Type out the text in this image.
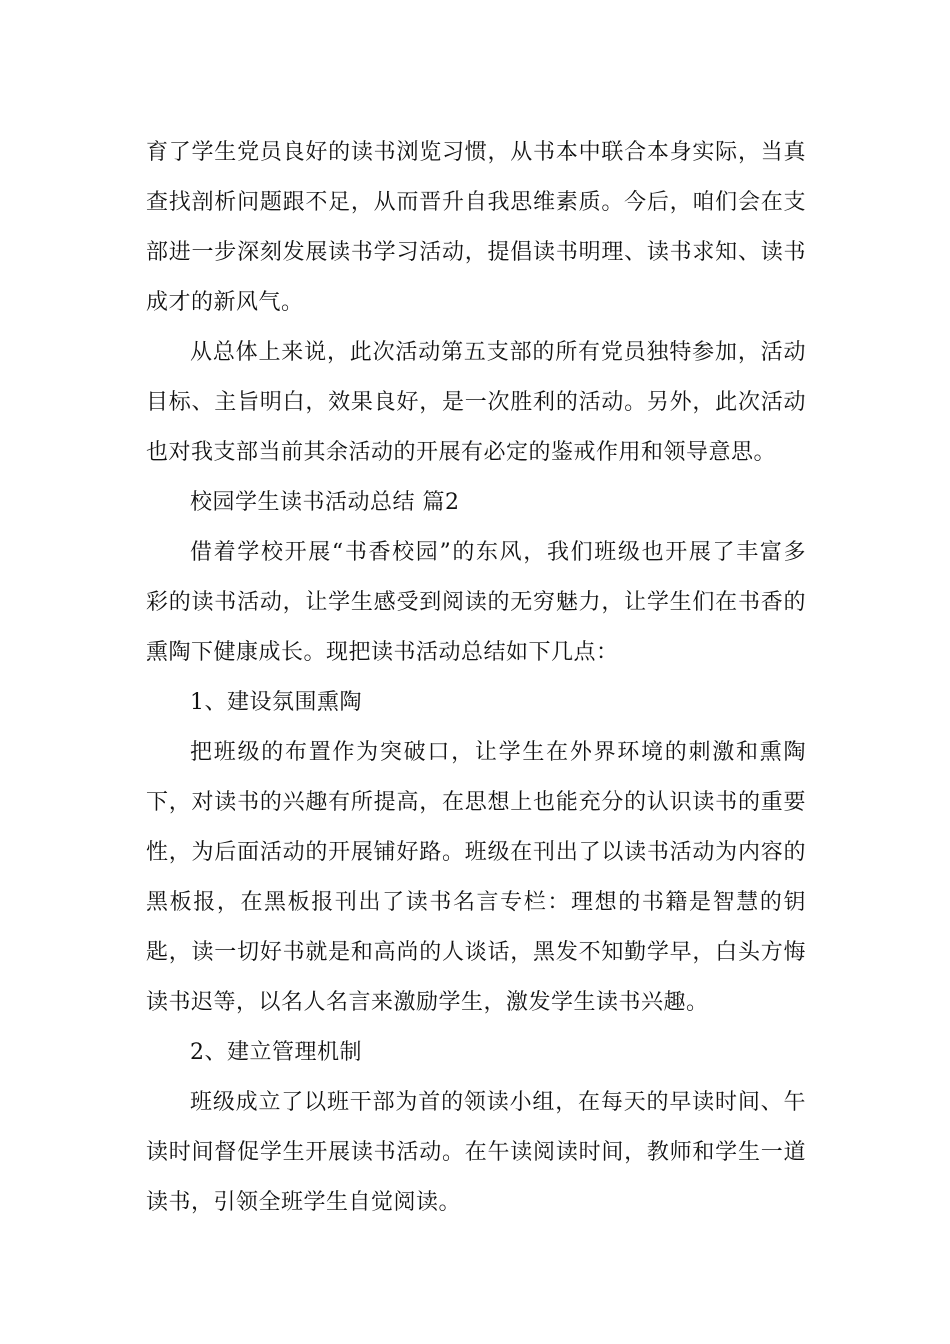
育了学生党员良好的读书浏览习惯，从书本中联合本身实际，当真
查找剖析问题跟不足，从而晋升自我思维素质。今后，咱们会在支
部进一步深刻发展读书学习活动，提倡读书明理、读书求知、读书
成才的新风气。
从总体上来说，此次活动第五支部的所有党员独特参加，活动
目标、主旨明白，效果良好，是一次胜利的活动。另外，此次活动
也对我支部当前其余活动的开展有必定的鉴戒作用和领导意思。
校园学生读书活动总结 篇2
借着学校开展“书香校园”的东风，我们班级也开展了丰富多
彩的读书活动，让学生感受到阅读的无穷魅力，让学生们在书香的
熏陶下健康成长。现把读书活动总结如下几点：
1、建设氛围熏陶
把班级的布置作为突破口，让学生在外界环境的刺激和熏陶
下，对读书的兴趣有所提高，在思想上也能充分的认识读书的重要
性，为后面活动的开展铺好路。班级在刊出了以读书活动为内容的
黑板报，在黑板报刊出了读书名言专栏：理想的书籍是智慧的钥
匙，读一切好书就是和高尚的人谈话，黑发不知勤学早，白头方悔
读书迟等，以名人名言来激励学生，激发学生读书兴趣。
2、建立管理机制
班级成立了以班干部为首的领读小组，在每天的早读时间、午
读时间督促学生开展读书活动。在午读阅读时间，教师和学生一道
读书，引领全班学生自觉阅读。
